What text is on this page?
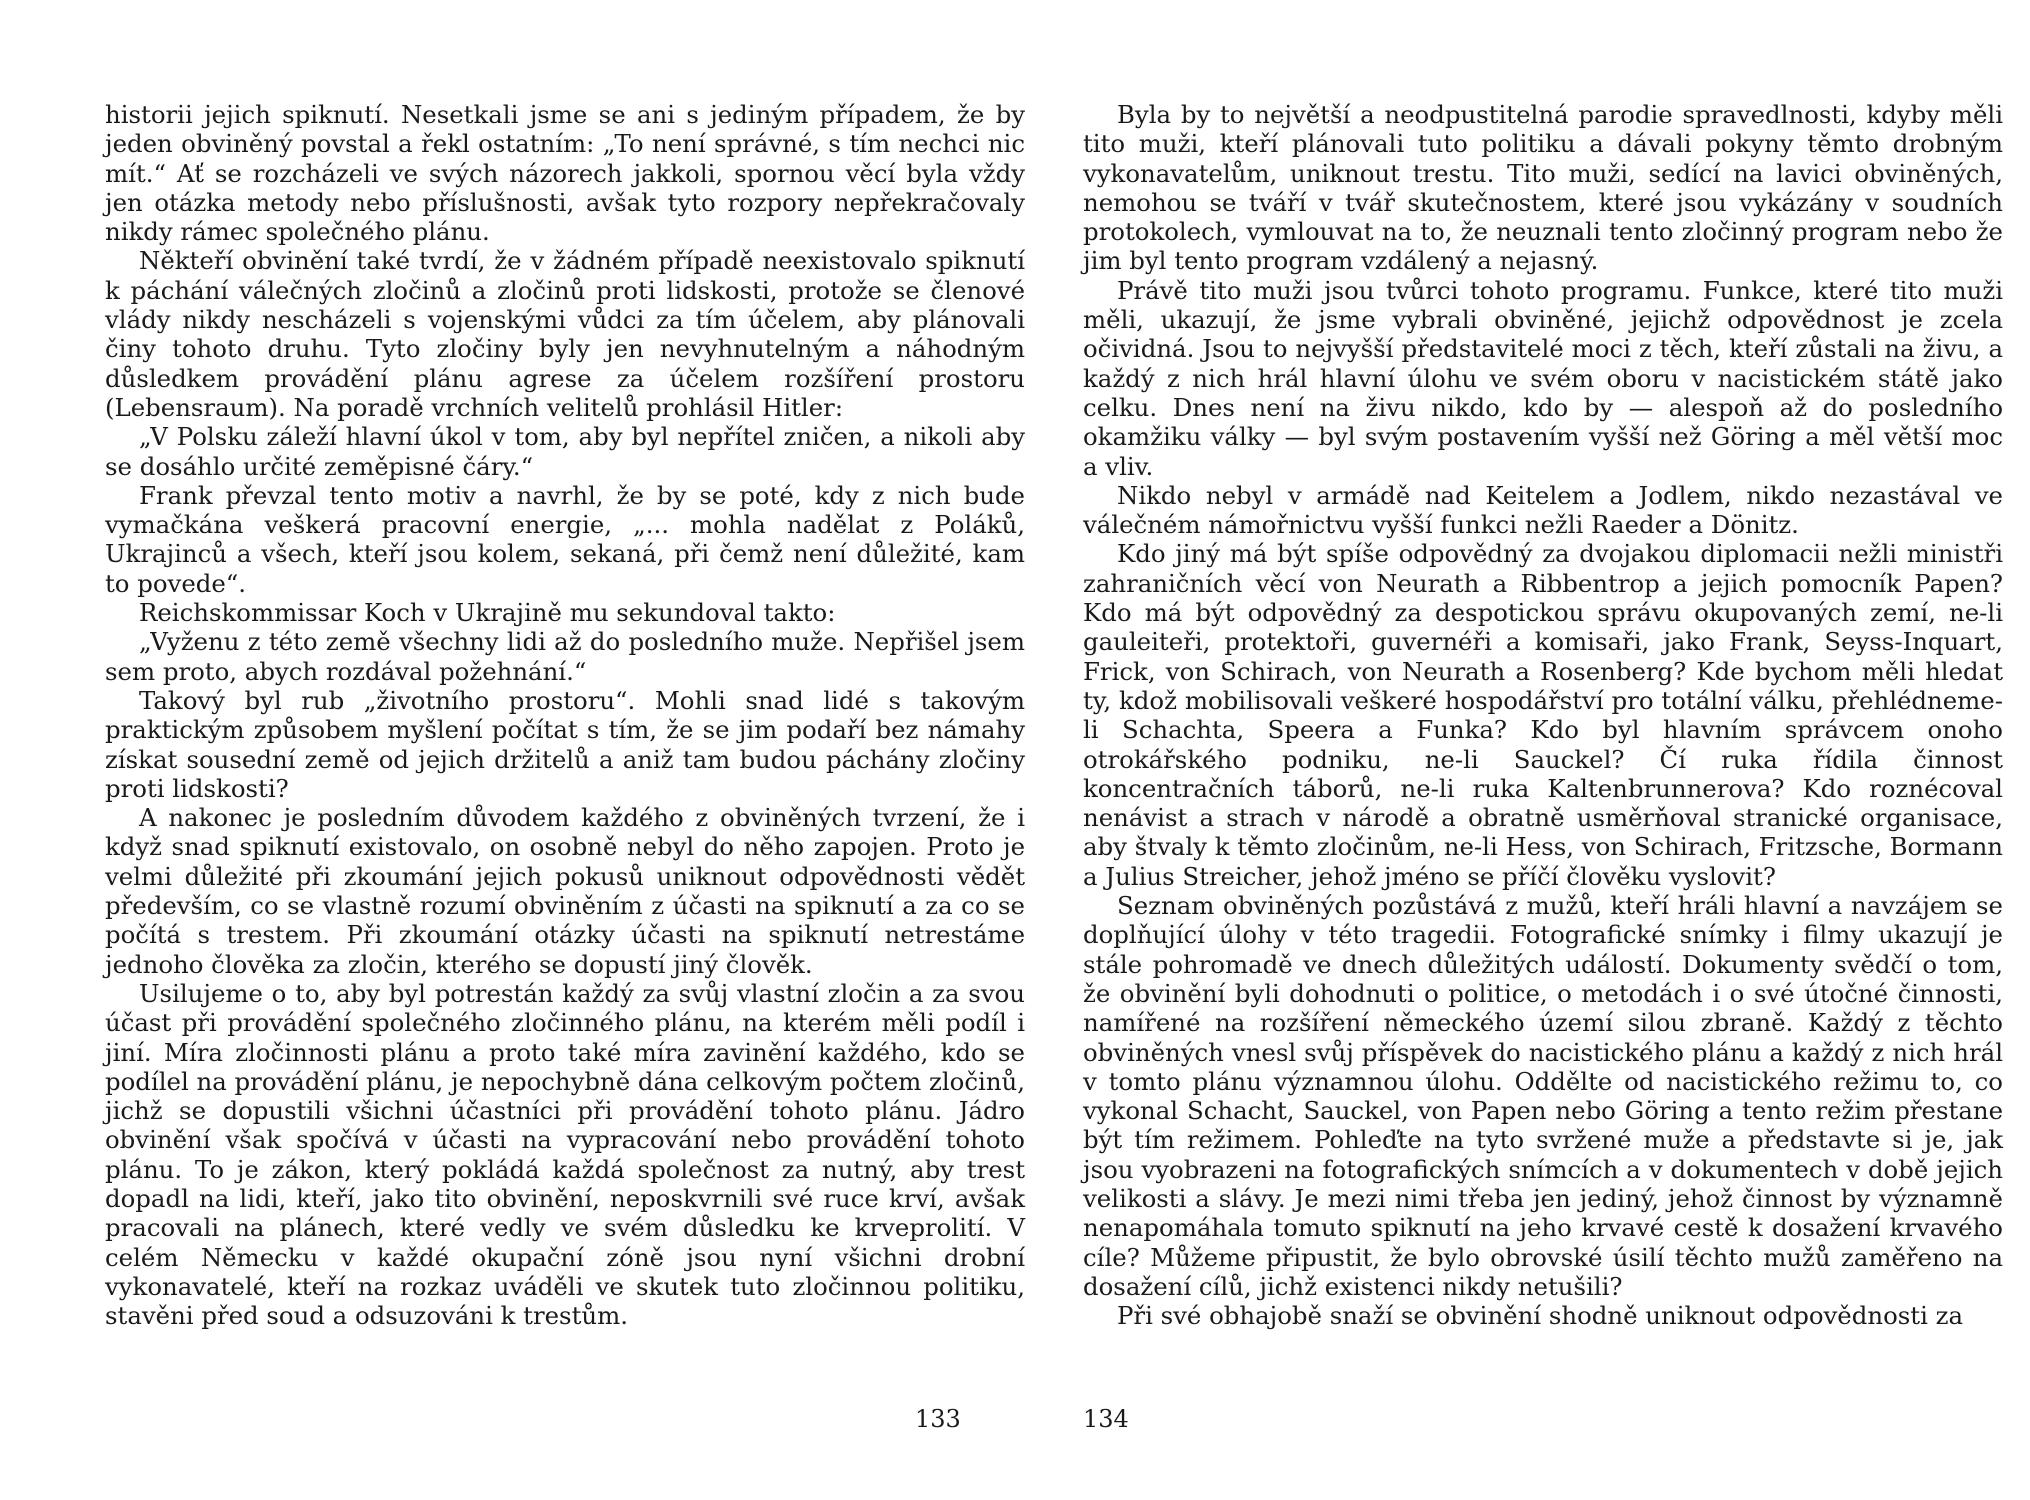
historii jejich spiknutí. Nesetkali jsme se ani s jediným případem, že by jeden obviněný povstal a řekl ostatním: „To není správné, s tím nechci nic mít.“ Ať se rozcházeli ve svých názorech jakkoli, spornou věcí byla vždy jen otázka metody nebo příslušnosti, avšak tyto rozpory nepřekračovaly nikdy rámec společného plánu.

Někteří obvinění také tvrdí, že v žádném případě neexistovalo spiknutí k páchání válečných zločinů a zločinů proti lidskosti, protože se členové vlády nikdy nescházeli s vojenskými vůdci za tím účelem, aby plánovali činy tohoto druhu. Tyto zločiny byly jen nevyhnutelným a náhodným důsledkem provádění plánu agrese za účelem rozšíření prostoru (Lebensraum). Na poradě vrchních velitelů prohlásil Hitler:

„V Polsku záleží hlavní úkol v tom, aby byl nepřítel zničen, a nikoli aby se dosáhlo určité zeměpisné čáry.“

Frank převzal tento motiv a navrhl, že by se poté, kdy z nich bude vymačkána veškerá pracovní energie, „... mohla nadělat z Poláků, Ukrajinců a všech, kteří jsou kolem, sekaná, při čemž není důležité, kam to povede“.

Reichskommissar Koch v Ukrajině mu sekundoval takto:

„Vyženu z této země všechny lidi až do posledního muže. Nepřišel jsem sem proto, abych rozdával požehnání.“

Takový byl rub „životního prostoru“. Mohli snad lidé s takovým praktickým způsobem myšlení počítat s tím, že se jim podaří bez námahy získat sousední země od jejich držitelů a aniž tam budou páchány zločiny proti lidskosti?

A nakonec je posledním důvodem každého z obviněných tvrzení, že i když snad spiknutí existovalo, on osobně nebyl do něho zapojen. Proto je velmi důležité při zkoumání jejich pokusů uniknout odpovědnosti vědět především, co se vlastně rozumí obviněním z účasti na spiknutí a za co se počítá s trestem. Při zkoumání otázky účasti na spiknutí netrestáme jednoho člověka za zločin, kterého se dopustí jiný člověk.

Usilujeme o to, aby byl potrestán každý za svůj vlastní zločin a za svou účast při provádění společného zločinného plánu, na kterém měli podíl i jiní. Míra zločinnosti plánu a proto také míra zavinění každého, kdo se podílel na provádění plánu, je nepochybně dána celkovým počtem zločinů, jichž se dopustili všichni účastníci při provádění tohoto plánu. Jádro obvinění však spočívá v účasti na vypracování nebo provádění tohoto plánu. To je zákon, který pokládá každá společnost za nutný, aby trest dopadl na lidi, kteří, jako tito obvinění, neposkvrnili své ruce krví, avšak pracovali na plánech, které vedly ve svém důsledku ke krveprolití. V celém Německu v každé okupační zóně jsou nyní všichni drobní vykonavatelé, kteří na rozkaz uváděli ve skutek tuto zločinnou politiku, stavěni před soud a odsuzováni k trestům.

133

Byla by to největší a neodpustitelná parodie spravedlnosti, kdyby měli tito muži, kteří plánovali tuto politiku a dávali pokyny těmto drobným vykonavatelům, uniknout trestu. Tito muži, sedící na lavici obviněných, nemohou se tváří v tvář skutečnostem, které jsou vykázány v soudních protokolech, vymlouvat na to, že neuznali tento zločinný program nebo že jim byl tento program vzdálený a nejasný.

Právě tito muži jsou tvůrci tohoto programu. Funkce, které tito muži měli, ukazují, že jsme vybrali obviněné, jejichž odpovědnost je zcela očividná. Jsou to nejvyšší představitelé moci z těch, kteří zůstali na živu, a každý z nich hrál hlavní úlohu ve svém oboru v nacistickém státě jako celku. Dnes není na živu nikdo, kdo by — alespoň až do posledního okamžiku války — byl svým postavením vyšší než Göring a měl větší moc a vliv.

Nikdo nebyl v armádě nad Keitelem a Jodlem, nikdo nezastával ve válečném námořnictvu vyšší funkci nežli Raeder a Dönitz.

Kdo jiný má být spíše odpovědný za dvojakou diplomacii nežli ministři zahraničních věcí von Neurath a Ribbentrop a jejich pomocník Papen? Kdo má být odpovědný za despotickou správu okupovaných zemí, ne-li gauleiteři, protektoři, guvernéři a komisaři, jako Frank, Seyss-Inquart, Frick, von Schirach, von Neurath a Rosenberg? Kde bychom měli hledat ty, kdož mobilisovali veškeré hospodářství pro totální válku, přehlédneme-li Schachta, Speera a Funka? Kdo byl hlavním správcem onoho otrokářského podniku, ne-li Sauckel? Čí ruka řídila činnost koncentračních táborů, ne-li ruka Kaltenbrunnerova? Kdo roznécoval nenávist a strach v národě a obratně usměrňoval stranické organisace, aby štvaly k těmto zločinům, ne-li Hess, von Schirach, Fritzsche, Bormann a Julius Streicher, jehož jméno se příčí člověku vyslovit?

Seznam obviněných pozůstává z mužů, kteří hráli hlavní a navzájem se doplňující úlohy v této tragedii. Fotografické snímky i filmy ukazují je stále pohromadě ve dnech důležitých událostí. Dokumenty svědčí o tom, že obvinění byli dohodnuti o politice, o metodách i o své útočné činnosti, namířené na rozšíření německého území silou zbraně. Každý z těchto obviněných vnesl svůj příspěvek do nacistického plánu a každý z nich hrál v tomto plánu významnou úlohu. Oddělte od nacistického režimu to, co vykonal Schacht, Sauckel, von Papen nebo Göring a tento režim přestane být tím režimem. Pohleďte na tyto svržené muže a představte si je, jak jsou vyobrazeni na fotografických snímcích a v dokumentech v době jejich velikosti a slávy. Je mezi nimi třeba jen jediný, jehož činnost by významně nenapomáhala tomuto spiknutí na jeho krvavé cestě k dosažení krvavého cíle? Můžeme připustit, že bylo obrovské úsilí těchto mužů zaměřeno na dosažení cílů, jichž existenci nikdy netušili?

Při své obhajobě snaží se obvinění shodně uniknout odpovědnosti za

134
